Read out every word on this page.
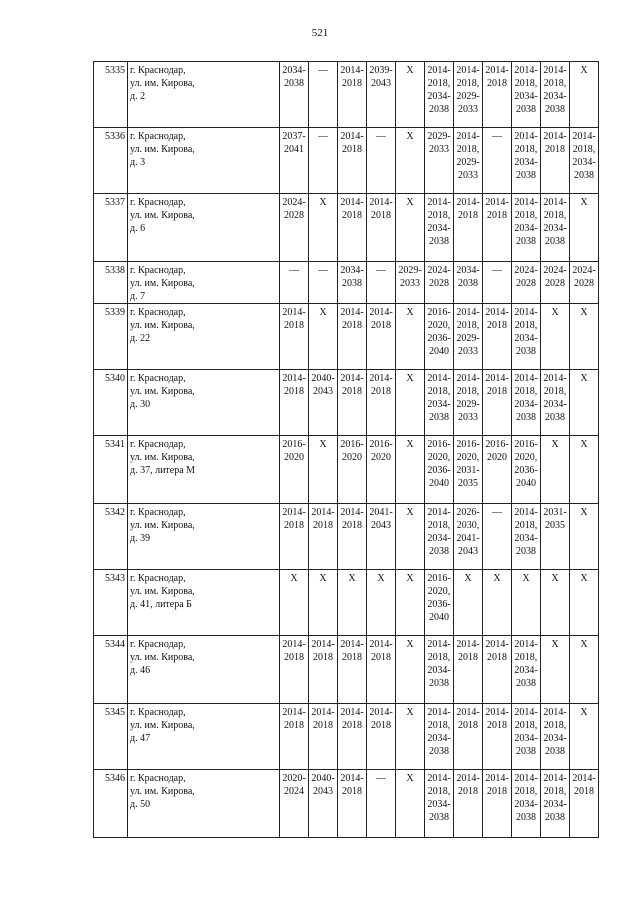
521
5335	г. Краснодар,
ул. им. Кирова,
д. 2	2034-
2038	—	2014-
2018	2039-
2043	X	2014-
2018,
2034-
2038	2014-
2018,
2029-
2033	2014-
2018	2014-
2018,
2034-
2038	2014-
2018,
2034-
2038	X
5336	г. Краснодар,
ул. им. Кирова,
д. 3	2037-
2041	—	2014-
2018	—	X	2029-
2033	2014-
2018,
2029-
2033	—	2014-
2018,
2034-
2038	2014-
2018	2014-
2018,
2034-
2038
5337	г. Краснодар,
ул. им. Кирова,
д. 6	2024-
2028	X	2014-
2018	2014-
2018	X	2014-
2018,
2034-
2038	2014-
2018	2014-
2018	2014-
2018,
2034-
2038	2014-
2018,
2034-
2038	X
5338	г. Краснодар,
ул. им. Кирова,
д. 7	—	—	2034-
2038	—	2029-
2033	2024-
2028	2034-
2038	—	2024-
2028	2024-
2028	2024-
2028
5339	г. Краснодар,
ул. им. Кирова,
д. 22	2014-
2018	X	2014-
2018	2014-
2018	X	2016-
2020,
2036-
2040	2014-
2018,
2029-
2033	2014-
2018	2014-
2018,
2034-
2038	X	X
5340	г. Краснодар,
ул. им. Кирова,
д. 30	2014-
2018	2040-
2043	2014-
2018	2014-
2018	X	2014-
2018,
2034-
2038	2014-
2018,
2029-
2033	2014-
2018	2014-
2018,
2034-
2038	2014-
2018,
2034-
2038	X
5341	г. Краснодар,
ул. им. Кирова,
д. 37, литера М	2016-
2020	X	2016-
2020	2016-
2020	X	2016-
2020,
2036-
2040	2016-
2020,
2031-
2035	2016-
2020	2016-
2020,
2036-
2040	X	X
5342	г. Краснодар,
ул. им. Кирова,
д. 39	2014-
2018	2014-
2018	2014-
2018	2041-
2043	X	2014-
2018,
2034-
2038	2026-
2030,
2041-
2043	—	2014-
2018,
2034-
2038	2031-
2035	X
5343	г. Краснодар,
ул. им. Кирова,
д. 41, литера Б	X	X	X	X	X	2016-
2020,
2036-
2040	X	X	X	X	X
5344	г. Краснодар,
ул. им. Кирова,
д. 46	2014-
2018	2014-
2018	2014-
2018	2014-
2018	X	2014-
2018,
2034-
2038	2014-
2018	2014-
2018	2014-
2018,
2034-
2038	X	X
5345	г. Краснодар,
ул. им. Кирова,
д. 47	2014-
2018	2014-
2018	2014-
2018	2014-
2018	X	2014-
2018,
2034-
2038	2014-
2018	2014-
2018	2014-
2018,
2034-
2038	2014-
2018,
2034-
2038	X
5346	г. Краснодар,
ул. им. Кирова,
д. 50	2020-
2024	2040-
2043	2014-
2018	—	X	2014-
2018,
2034-
2038	2014-
2018	2014-
2018	2014-
2018,
2034-
2038	2014-
2018,
2034-
2038	2014-
2018
